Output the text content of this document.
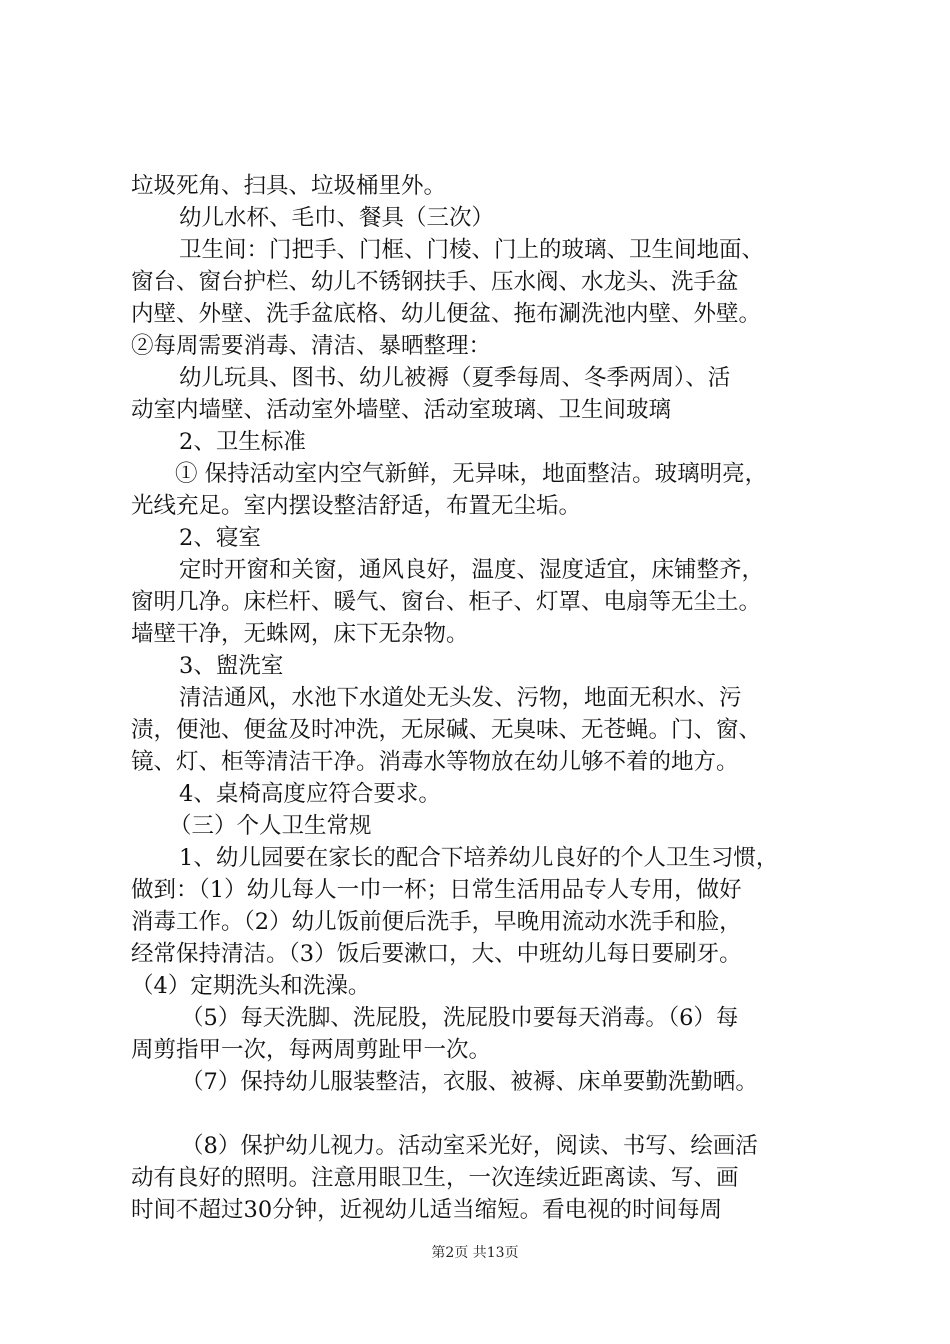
垃圾死角、扫具、垃圾桶里外。
幼儿水杯、毛巾、餐具（三次）
卫生间：门把手、门框、门棱、门上的玻璃、卫生间地面、
窗台、窗台护栏、幼儿不锈钢扶手、压水阀、水龙头、洗手盆
内壁、外壁、洗手盆底格、幼儿便盆、拖布涮洗池内壁、外壁。
②每周需要消毒、清洁、暴晒整理：
幼儿玩具、图书、幼儿被褥（夏季每周、冬季两周）、活
动室内墙壁、活动室外墙壁、活动室玻璃、卫生间玻璃
2、卫生标准
① 保持活动室内空气新鲜，无异味，地面整洁。玻璃明亮，
光线充足。室内摆设整洁舒适，布置无尘垢。
2、寝室
定时开窗和关窗，通风良好，温度、湿度适宜，床铺整齐，
窗明几净。床栏杆、暖气、窗台、柜子、灯罩、电扇等无尘土。
墙壁干净，无蛛网，床下无杂物。
3、盥洗室
清洁通风，水池下水道处无头发、污物，地面无积水、污
渍，便池、便盆及时冲洗，无尿碱、无臭味、无苍蝇。门、窗、
镜、灯、柜等清洁干净。消毒水等物放在幼儿够不着的地方。
4、桌椅高度应符合要求。
（三）个人卫生常规
1、幼儿园要在家长的配合下培养幼儿良好的个人卫生习惯，
做到：（1）幼儿每人一巾一杯；日常生活用品专人专用，做好
消毒工作。（2）幼儿饭前便后洗手，早晚用流动水洗手和脸，
经常保持清洁。（3）饭后要漱口，大、中班幼儿每日要刷牙。
（4）定期洗头和洗澡。
（5）每天洗脚、洗屁股，洗屁股巾要每天消毒。（6）每
周剪指甲一次，每两周剪趾甲一次。
（7）保持幼儿服装整洁，衣服、被褥、床单要勤洗勤晒。
（8）保护幼儿视力。活动室采光好，阅读、书写、绘画活
动有良好的照明。注意用眼卫生，一次连续近距离读、写、画
时间不超过30分钟，近视幼儿适当缩短。看电视的时间每周
第2页 共13页
